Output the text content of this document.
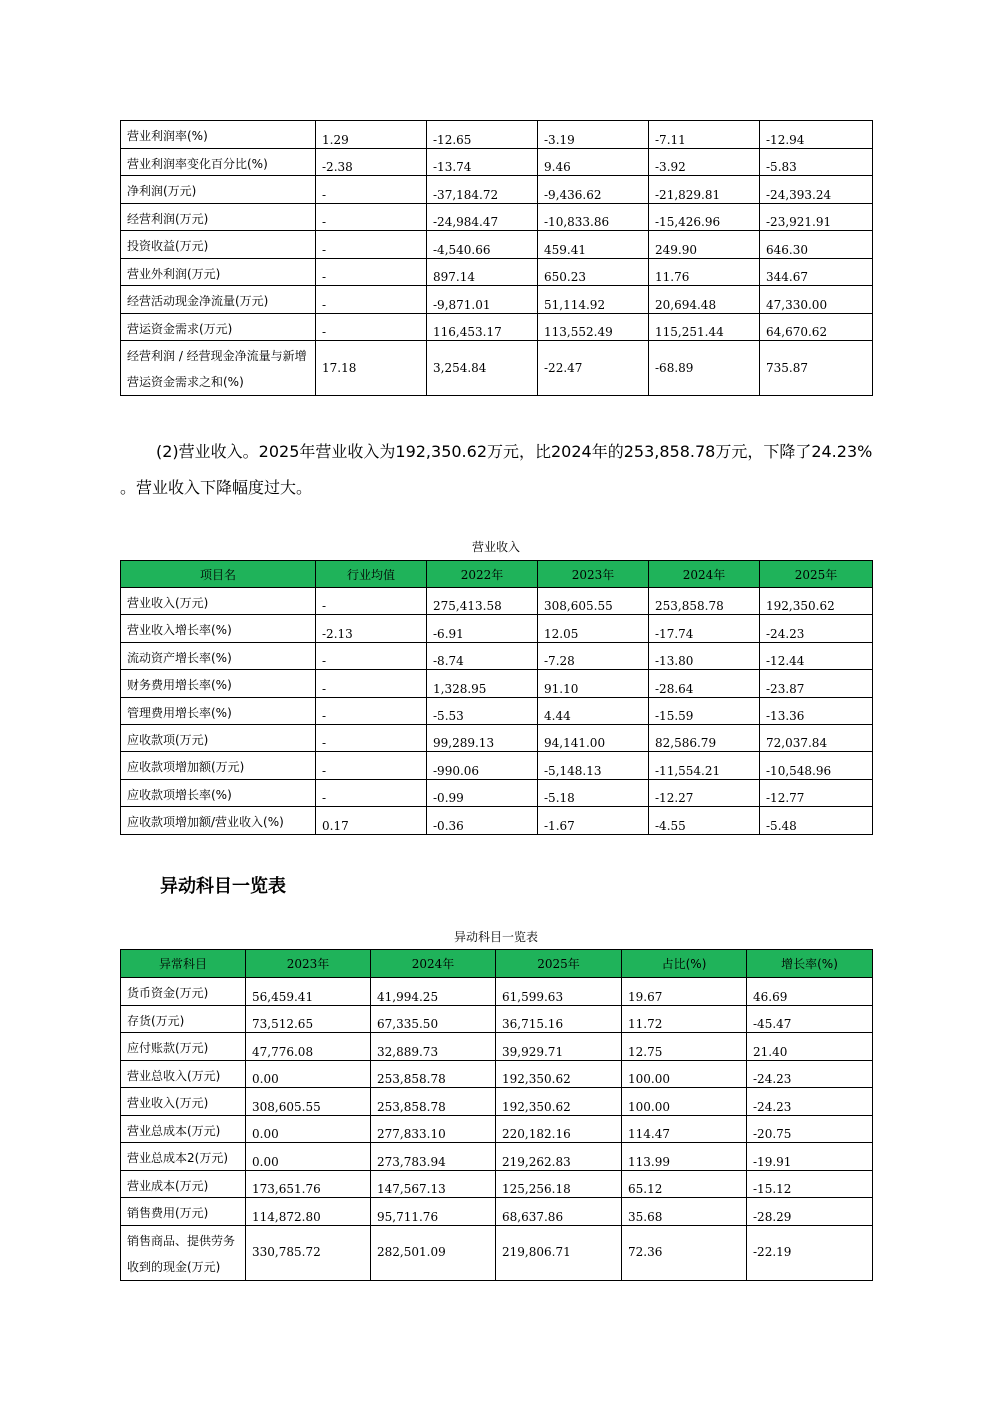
营业利润率(%)	1.29	-12.65	-3.19	-7.11	-12.94
营业利润率变化百分比(%)	-2.38	-13.74	9.46	-3.92	-5.83
净利润(万元)	-	-37,184.72	-9,436.62	-21,829.81	-24,393.24
经营利润(万元)	-	-24,984.47	-10,833.86	-15,426.96	-23,921.91
投资收益(万元)	-	-4,540.66	459.41	249.90	646.30
营业外利润(万元)	-	897.14	650.23	11.76	344.67
经营活动现金净流量(万元)	-	-9,871.01	51,114.92	20,694.48	47,330.00
营运资金需求(万元)	-	116,453.17	113,552.49	115,251.44	64,670.62
经营利润 / 经营现金净流量与新增营运资金需求之和(%)	17.18	3,254.84	-22.47	-68.89	735.87
(2)营业收入。2025年营业收入为192,350.62万元，比2024年的253,858.78万元，下降了24.23%
。营业收入下降幅度过大。
营业收入
项目名	行业均值	2022年	2023年	2024年	2025年
营业收入(万元)	-	275,413.58	308,605.55	253,858.78	192,350.62
营业收入增长率(%)	-2.13	-6.91	12.05	-17.74	-24.23
流动资产增长率(%)	-	-8.74	-7.28	-13.80	-12.44
财务费用增长率(%)	-	1,328.95	91.10	-28.64	-23.87
管理费用增长率(%)	-	-5.53	4.44	-15.59	-13.36
应收款项(万元)	-	99,289.13	94,141.00	82,586.79	72,037.84
应收款项增加额(万元)	-	-990.06	-5,148.13	-11,554.21	-10,548.96
应收款项增长率(%)	-	-0.99	-5.18	-12.27	-12.77
应收款项增加额/营业收入(%)	0.17	-0.36	-1.67	-4.55	-5.48
异动科目一览表
异动科目一览表
异常科目	2023年	2024年	2025年	占比(%)	增长率(%)
货币资金(万元)	56,459.41	41,994.25	61,599.63	19.67	46.69
存货(万元)	73,512.65	67,335.50	36,715.16	11.72	-45.47
应付账款(万元)	47,776.08	32,889.73	39,929.71	12.75	21.40
营业总收入(万元)	0.00	253,858.78	192,350.62	100.00	-24.23
营业收入(万元)	308,605.55	253,858.78	192,350.62	100.00	-24.23
营业总成本(万元)	0.00	277,833.10	220,182.16	114.47	-20.75
营业总成本2(万元)	0.00	273,783.94	219,262.83	113.99	-19.91
营业成本(万元)	173,651.76	147,567.13	125,256.18	65.12	-15.12
销售费用(万元)	114,872.80	95,711.76	68,637.86	35.68	-28.29
销售商品、提供劳务收到的现金(万元)	330,785.72	282,501.09	219,806.71	72.36	-22.19
